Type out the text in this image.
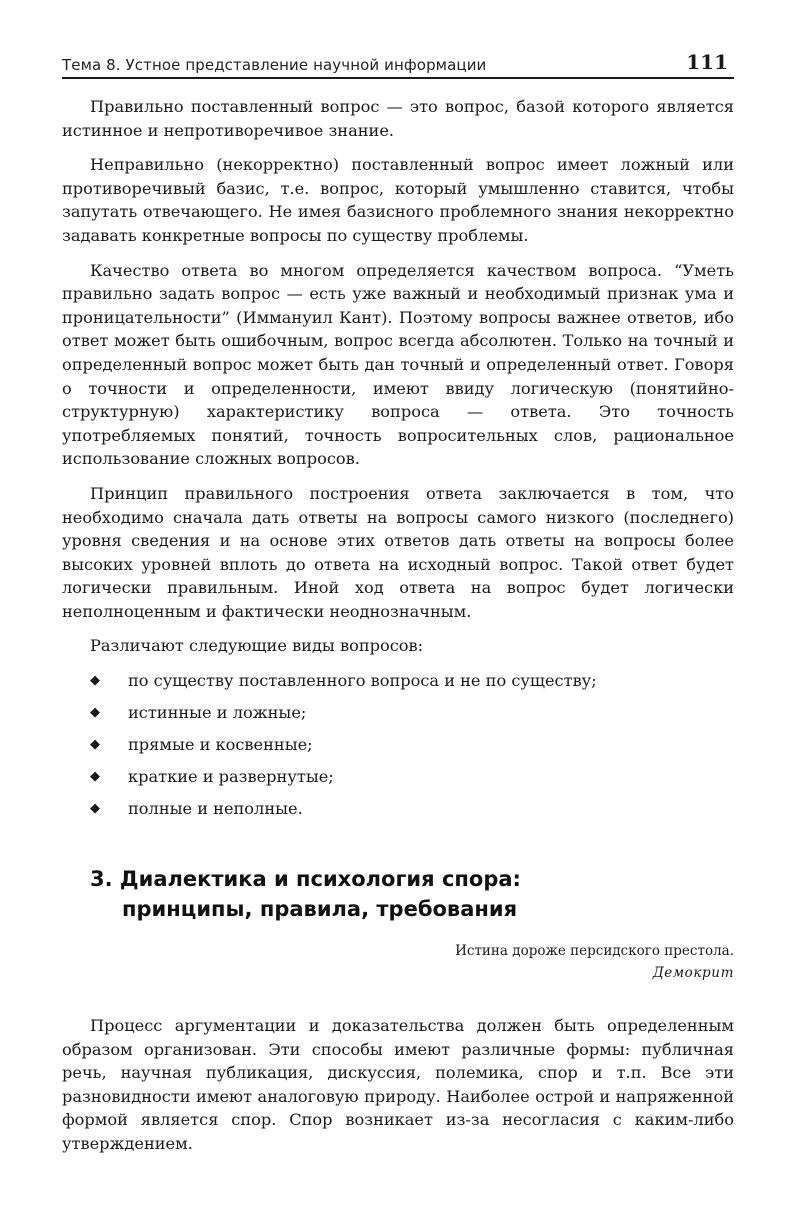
Тема 8. Устное представление научной информации	111

Правильно поставленный вопрос — это вопрос, базой которого является истинное и непротиворечивое знание.

Неправильно (некорректно) поставленный вопрос имеет ложный или противоречивый базис, т.е. вопрос, который умышленно ставится, чтобы запутать отвечающего. Не имея базисного проблемного знания некорректно задавать конкретные вопросы по существу проблемы.

Качество ответа во многом определяется качеством вопроса. “Уметь правильно задать вопрос — есть уже важный и необходимый признак ума и проницательности” (Иммануил Кант). Поэтому вопросы важнее ответов, ибо ответ может быть ошибочным, вопрос всегда абсолютен. Только на точный и определенный вопрос может быть дан точный и определенный ответ. Говоря о точности и определенности, имеют ввиду логическую (понятийно-структурную) характеристику вопроса — ответа. Это точность употребляемых понятий, точность вопросительных слов, рациональное использование сложных вопросов.

Принцип правильного построения ответа заключается в том, что необходимо сначала дать ответы на вопросы самого низкого (последнего) уровня сведения и на основе этих ответов дать ответы на вопросы более высоких уровней вплоть до ответа на исходный вопрос. Такой ответ будет логически правильным. Иной ход ответа на вопрос будет логически неполноценным и фактически неоднозначным.

Различают следующие виды вопросов:

◆ по существу поставленного вопроса и не по существу;
◆ истинные и ложные;
◆ прямые и косвенные;
◆ краткие и развернутые;
◆ полные и неполные.
3. Диалектика и психология спора:
принципы, правила, требования
Истина дороже персидского престола.
Демокрит

Процесс аргументации и доказательства должен быть определенным образом организован. Эти способы имеют различные формы: публичная речь, научная публикация, дискуссия, полемика, спор и т.п. Все эти разновидности имеют аналоговую природу. Наиболее острой и напряженной формой является спор. Спор возникает из-за несогласия с каким-либо утверждением.
